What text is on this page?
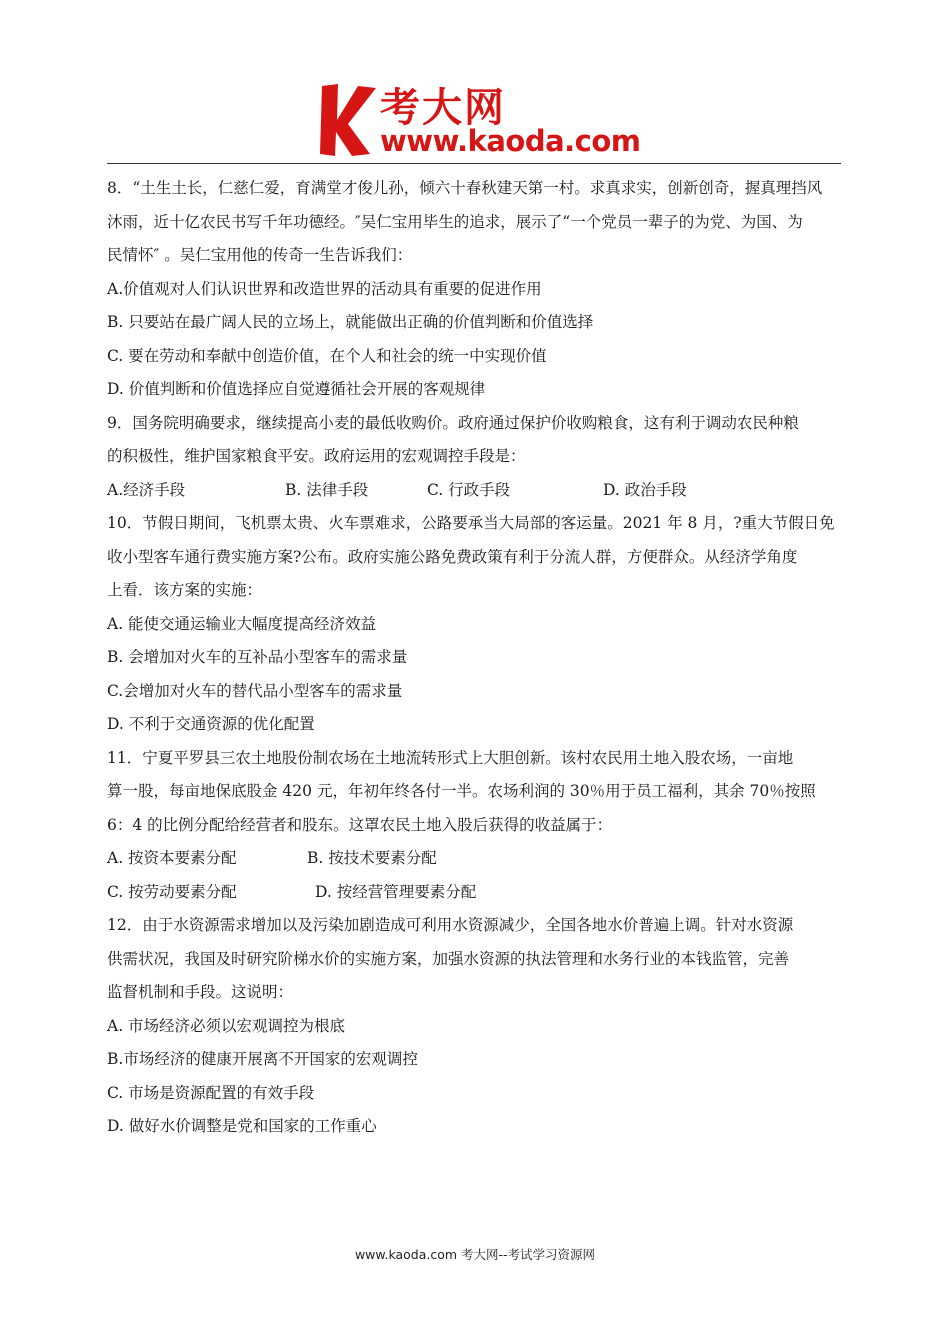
考大网
www.kaoda.com
8．“土生土长，仁慈仁爱，育满堂才俊儿孙，倾六十春秋建天第一村。求真求实，创新创奇，握真理挡风
沐雨，近十亿农民书写千年功德经。″吴仁宝用毕生的追求，展示了“一个党员一辈子的为党、为国、为
民情怀″ 。吴仁宝用他的传奇一生告诉我们：
A.价值观对人们认识世界和改造世界的活动具有重要的促进作用
B. 只要站在最广阔人民的立场上，就能做出正确的价值判断和价值选择
C. 要在劳动和奉献中创造价值，在个人和社会的统一中实现价值
D. 价值判断和价值选择应自觉遵循社会开展的客观规律
9．国务院明确要求，继续提高小麦的最低收购价。政府通过保护价收购粮食，这有利于调动农民种粮
的积极性，维护国家粮食平安。政府运用的宏观调控手段是：
A.经济手段	B. 法律手段	C. 行政手段	D. 政治手段
10．节假日期间，飞机票太贵、火车票难求，公路要承当大局部的客运量。2021 年 8 月，?重大节假日免
收小型客车通行费实施方案?公布。政府实施公路免费政策有利于分流人群，方便群众。从经济学角度
上看．该方案的实施：
A. 能使交通运输业大幅度提高经济效益
B. 会增加对火车的互补品小型客车的需求量
C.会增加对火车的替代品小型客车的需求量
D. 不利于交通资源的优化配置
11．宁夏平罗县三农土地股份制农场在土地流转形式上大胆创新。该村农民用土地入股农场，一亩地
算一股，每亩地保底股金 420 元，年初年终各付一半。农场利润的 30％用于员工福利，其余 70％按照
6：4 的比例分配给经营者和股东。这罩农民土地入股后获得的收益属于：
A. 按资本要素分配	B. 按技术要素分配
C. 按劳动要素分配	D. 按经营管理要素分配
12．由于水资源需求增加以及污染加剧造成可利用水资源减少，全国各地水价普遍上调。针对水资源
供需状况，我国及时研究阶梯水价的实施方案，加强水资源的执法管理和水务行业的本钱监管，完善
监督机制和手段。这说明：
A. 市场经济必须以宏观调控为根底
B.市场经济的健康开展离不开国家的宏观调控
C. 市场是资源配置的有效手段
D. 做好水价调整是党和国家的工作重心
www.kaoda.com 考大网--考试学习资源网
